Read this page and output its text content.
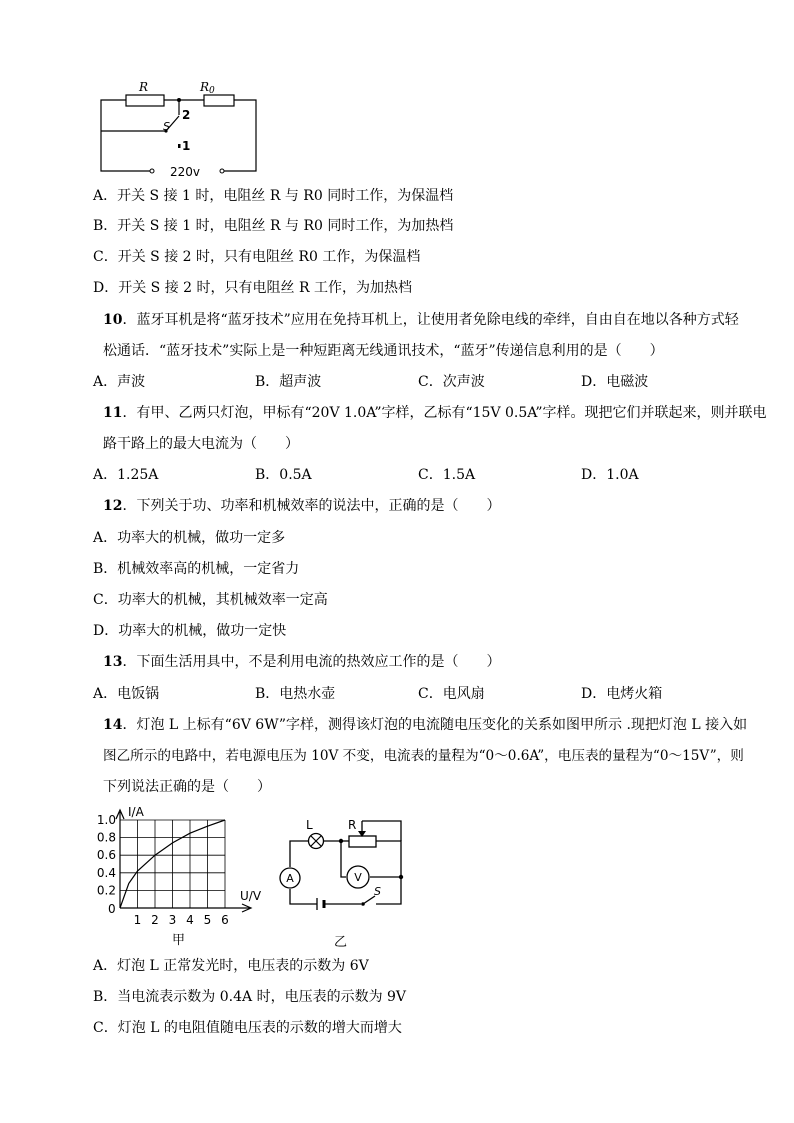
R	R0
S
2
1
220v
A．开关 S 接 1 时，电阻丝 R 与 R0 同时工作，为保温档
B．开关 S 接 1 时，电阻丝 R 与 R0 同时工作，为加热档
C．开关 S 接 2 时，只有电阻丝 R0 工作，为保温档
D．开关 S 接 2 时，只有电阻丝 R 工作，为加热档
10．蓝牙耳机是将“蓝牙技术”应用在免持耳机上，让使用者免除电线的牵绊，自由自在地以各种方式轻
松通话．“蓝牙技术”实际上是一种短距离无线通讯技术，“蓝牙”传递信息利用的是（　　）
A．声波	B．超声波	C．次声波	D．电磁波
11．有甲、乙两只灯泡，甲标有“20V 1.0A”字样，乙标有“15V 0.5A”字样。现把它们并联起来，则并联电
路干路上的最大电流为（　　）
A．1.25A	B．0.5A	C．1.5A	D．1.0A
12．下列关于功、功率和机械效率的说法中，正确的是（　　）
A．功率大的机械，做功一定多
B．机械效率高的机械，一定省力
C．功率大的机械，其机械效率一定高
D．功率大的机械，做功一定快
13．下面生活用具中，不是利用电流的热效应工作的是（　　）
A．电饭锅	B．电热水壶	C．电风扇	D．电烤火箱
14．灯泡 L 上标有“6V 6W”字样，测得该灯泡的电流随电压变化的关系如图甲所示 .现把灯泡 L 接入如
图乙所示的电路中，若电源电压为 10V 不变，电流表的量程为“0～0.6A”，电压表的量程为“0～15V”，则
下列说法正确的是（　　）
1.0
0.8
0.6
0.4
0.2
1 2 3 4 5 6
I/A
U/V
0
甲
L	R
A	V
S
乙
A．灯泡 L 正常发光时，电压表的示数为 6V
B．当电流表示数为 0.4A 时，电压表的示数为 9V
C．灯泡 L 的电阻值随电压表的示数的增大而增大
